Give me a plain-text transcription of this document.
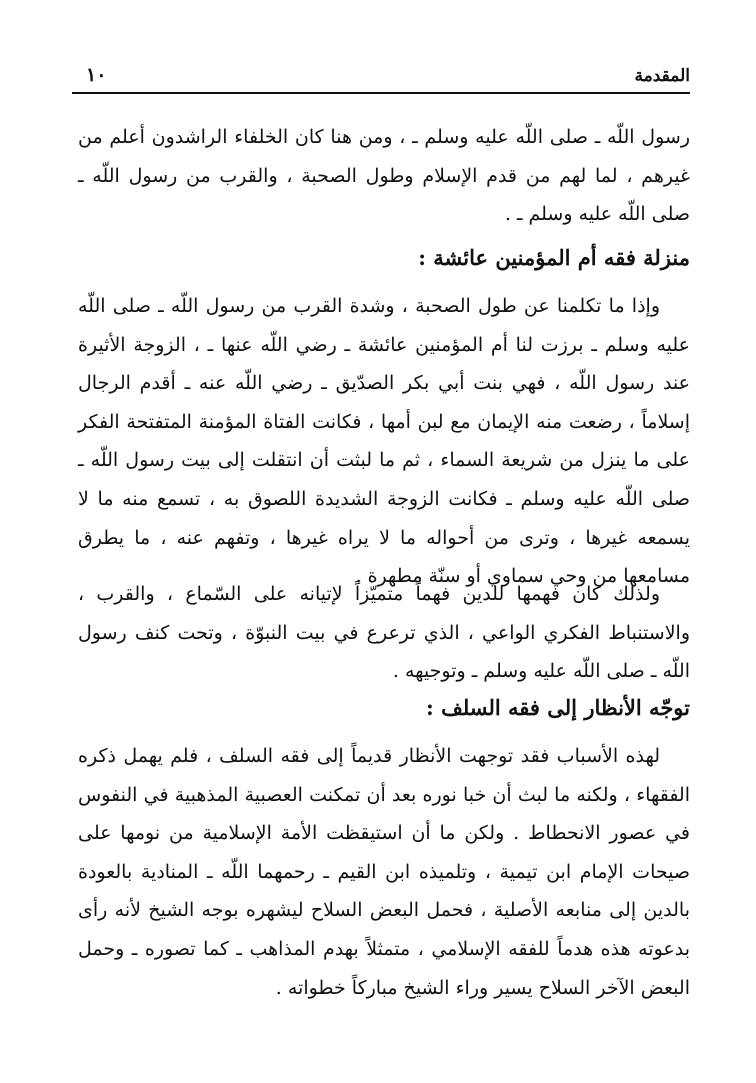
المقدمة
١٠

رسول اللّه ـ صلى اللّه عليه وسلم ـ ، ومن هنا كان الخلفاء الراشدون أعلم من غيرهم ، لما لهم من قدم الإسلام وطول الصحبة ، والقرب من رسول اللّه ـ صلى اللّه عليه وسلم ـ .

منزلة فقه أم المؤمنين عائشة :

وإذا ما تكلمنا عن طول الصحبة ، وشدة القرب من رسول اللّه ـ صلى اللّه عليه وسلم ـ برزت لنا أم المؤمنين عائشة ـ رضي اللّه عنها ـ ، الزوجة الأثيرة عند رسول اللّه ، فهي بنت أبي بكر الصدّيق ـ رضي اللّه عنه ـ أقدم الرجال إسلاماً ، رضعت منه الإيمان مع لبن أمها ، فكانت الفتاة المؤمنة المتفتحة الفكر على ما ينزل من شريعة السماء ، ثم ما لبثت أن انتقلت إلى بيت رسول اللّه ـ صلى اللّه عليه وسلم ـ فكانت الزوجة الشديدة اللصوق به ، تسمع منه ما لا يسمعه غيرها ، وترى من أحواله ما لا يراه غيرها ، وتفهم عنه ، ما يطرق مسامعها من وحي سماوي أو سنّة مطهرة .

ولذلك كان فهمها للدين فهماً متميّزاً لإتيانه على السّماع ، والقرب ، والاستنباط الفكري الواعي ، الذي ترعرع في بيت النبوّة ، وتحت كنف رسول اللّه ـ صلى اللّه عليه وسلم ـ وتوجيهه .

توجّه الأنظار إلى فقه السلف :

لهذه الأسباب فقد توجهت الأنظار قديماً إلى فقه السلف ، فلم يهمل ذكره الفقهاء ، ولكنه ما لبث أن خبا نوره بعد أن تمكنت العصبية المذهبية في النفوس في عصور الانحطاط . ولكن ما أن استيقظت الأمة الإسلامية من نومها على صيحات الإمام ابن تيمية ، وتلميذه ابن القيم ـ رحمهما اللّه ـ المنادية بالعودة بالدين إلى منابعه الأصلية ، فحمل البعض السلاح ليشهره بوجه الشيخ لأنه رأى بدعوته هذه هدماً للفقه الإسلامي ، متمثلاً بهدم المذاهب ـ كما تصوره ـ وحمل البعض الآخر السلاح يسير وراء الشيخ مباركاً خطواته .
